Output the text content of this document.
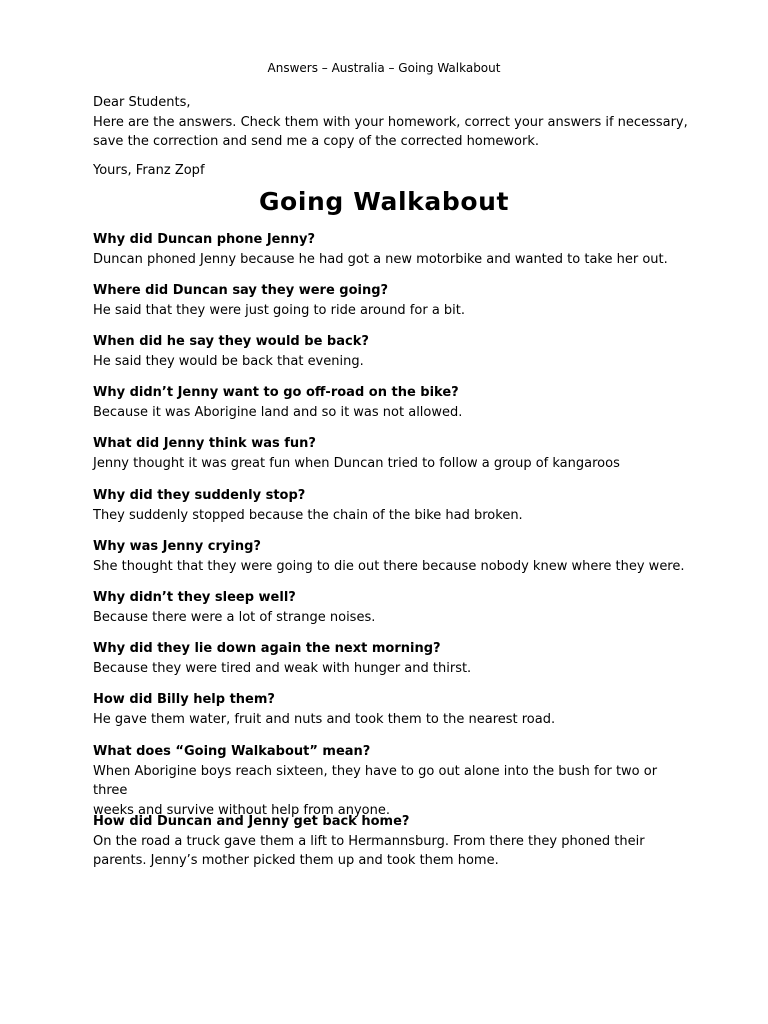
Answers – Australia – Going Walkabout

Dear Students,

Here are the answers. Check them with your homework, correct your answers if necessary,

save the correction and send me a copy of the corrected homework.

Yours, Franz Zopf
Going Walkabout

Why did Duncan phone Jenny?

Duncan phoned Jenny because he had got a new motorbike and wanted to take her out.

Where did Duncan say they were going?

He said that they were just going to ride around for a bit.

When did he say they would be back?

He said they would be back that evening.

Why didn’t Jenny want to go off-road on the bike?

Because it was Aborigine land and so it was not allowed.

What did Jenny think was fun?

Jenny thought it was great fun when Duncan tried to follow a group of kangaroos

Why did they suddenly stop?

They suddenly stopped because the chain of the bike had broken.

Why was Jenny crying?

She thought that they were going to die out there because nobody knew where they were.

Why didn’t they sleep well?

Because there were a lot of strange noises.

Why did they lie down again the next morning?

Because they were tired and weak with hunger and thirst.

How did Billy help them?

He gave them water, fruit and nuts and took them to the nearest road.

What does “Going Walkabout” mean?

When Aborigine boys reach sixteen, they have to go out alone into the bush for two or three

weeks and survive without help from anyone.

How did Duncan and Jenny get back home?

On the road a truck gave them a lift to Hermannsburg. From there they phoned their

parents. Jenny’s mother picked them up and took them home.
